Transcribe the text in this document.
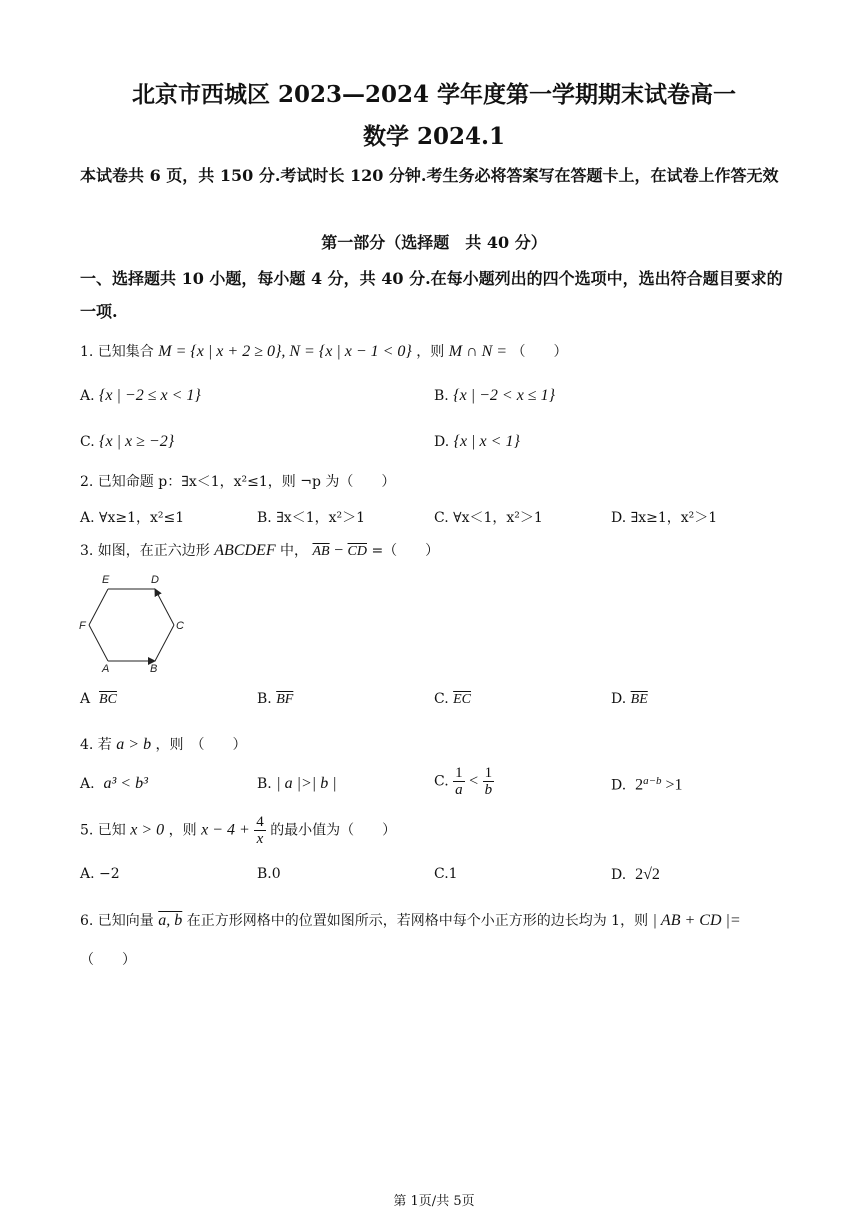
北京市西城区 2023—2024 学年度第一学期期末试卷高一
数学 2024.1
本试卷共 6 页，共 150 分.考试时长 120 分钟.考生务必将答案写在答题卡上，在试卷上作答无效
第一部分（选择题　共 40 分）
一、选择题共 10 小题，每小题 4 分，共 40 分.在每小题列出的四个选项中，选出符合题目要求的一项.
1. 已知集合 M = {x | x + 2 ≥ 0}, N = {x | x − 1 < 0} ，则 M ∩ N = （　　）
A. {x | −2 ≤ x < 1}	B. {x | −2 < x ≤ 1}
C. {x | x ≥ −2}	D. {x | x < 1}
2. 已知命题 p：∃x＜1，x²≤1，则 ¬p 为（　　）
A. ∀x≥1，x²≤1	B. ∃x＜1，x²＞1	C. ∀x＜1，x²＞1	D. ∃x≥1，x²＞1
3. 如图，在正六边形 ABCDEF 中， $\overline{AB} - \overline{CD}$ =（　　）
E	D
F	C
A	B
A $\overline{BC}$	B. $\overline{BF}$	C. $\overline{EC}$	D. $\overline{BE}$
4. 若 a > b ，则　（　　）
A. a³ < b³	B. | a |>| b |	C. $\frac{1}{a} < \frac{1}{b}$	D. $2^{a-b} >1$
5. 已知 x > 0 ，则 $x - 4 + \frac{4}{x}$ 的最小值为（　　）
A. −2	B.0	C.1	D. 2√2
6. 已知向量 a, b 在正方形网格中的位置如图所示，若网格中每个小正方形的边长均为 1，则 | AB + CD |=
（　　）
第 1页/共 5页
